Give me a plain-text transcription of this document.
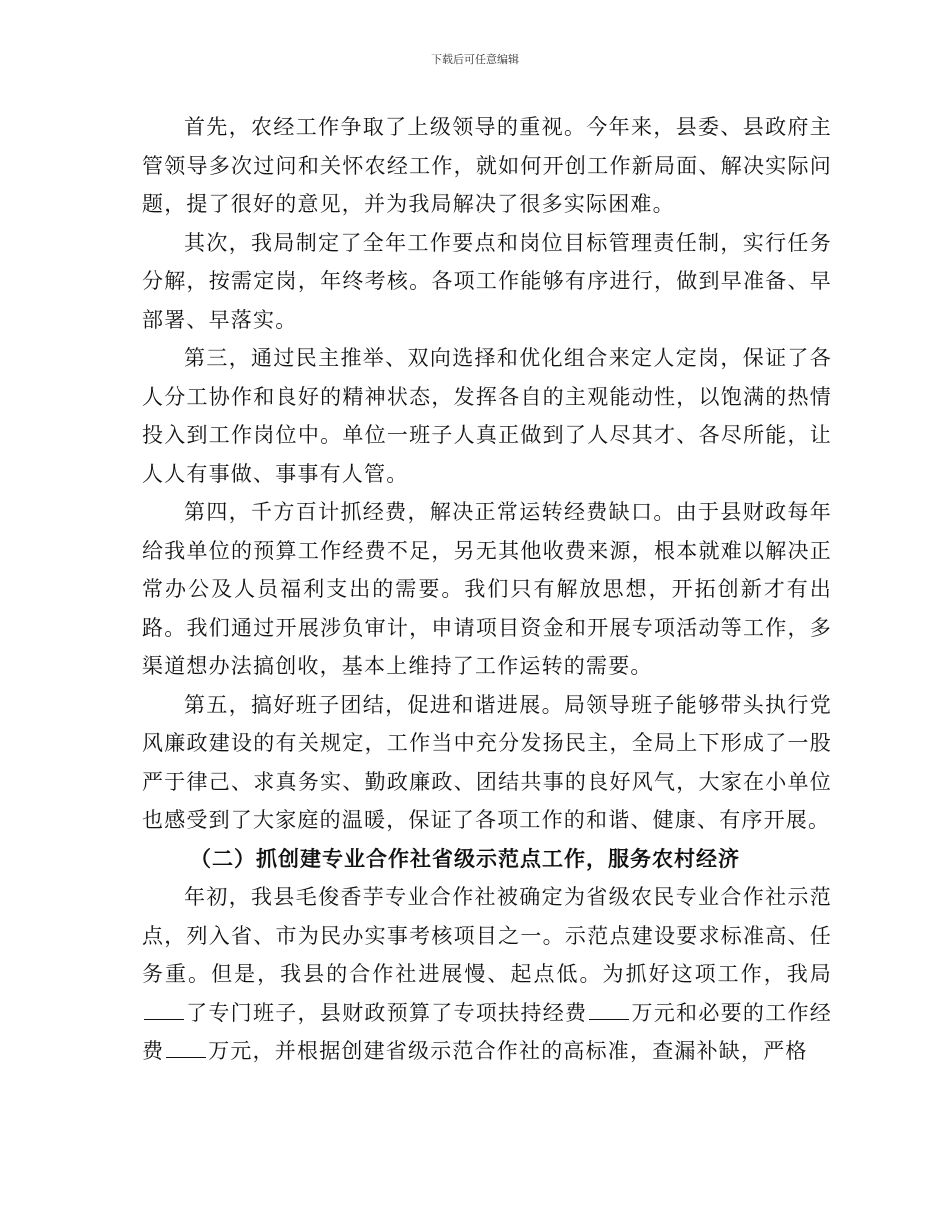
下载后可任意编辑

首先，农经工作争取了上级领导的重视。今年来，县委、县政府主管领导多次过问和关怀农经工作，就如何开创工作新局面、解决实际问题，提了很好的意见，并为我局解决了很多实际困难。

其次，我局制定了全年工作要点和岗位目标管理责任制，实行任务分解，按需定岗，年终考核。各项工作能够有序进行，做到早准备、早部署、早落实。

第三，通过民主推举、双向选择和优化组合来定人定岗，保证了各人分工协作和良好的精神状态，发挥各自的主观能动性，以饱满的热情投入到工作岗位中。单位一班子人真正做到了人尽其才、各尽所能，让人人有事做、事事有人管。

第四，千方百计抓经费，解决正常运转经费缺口。由于县财政每年给我单位的预算工作经费不足，另无其他收费来源，根本就难以解决正常办公及人员福利支出的需要。我们只有解放思想，开拓创新才有出路。我们通过开展涉负审计，申请项目资金和开展专项活动等工作，多渠道想办法搞创收，基本上维持了工作运转的需要。

第五，搞好班子团结，促进和谐进展。局领导班子能够带头执行党风廉政建设的有关规定，工作当中充分发扬民主，全局上下形成了一股严于律己、求真务实、勤政廉政、团结共事的良好风气，大家在小单位也感受到了大家庭的温暖，保证了各项工作的和谐、健康、有序开展。

（二）抓创建专业合作社省级示范点工作，服务农村经济

年初，我县毛俊香芋专业合作社被确定为省级农民专业合作社示范点，列入省、市为民办实事考核项目之一。示范点建设要求标准高、任务重。但是，我县的合作社进展慢、起点低。为抓好这项工作，我局了专门班子，县财政预算了专项扶持经费 万元和必要的工作经费 万元，并根据创建省级示范合作社的高标准，查漏补缺，严格
